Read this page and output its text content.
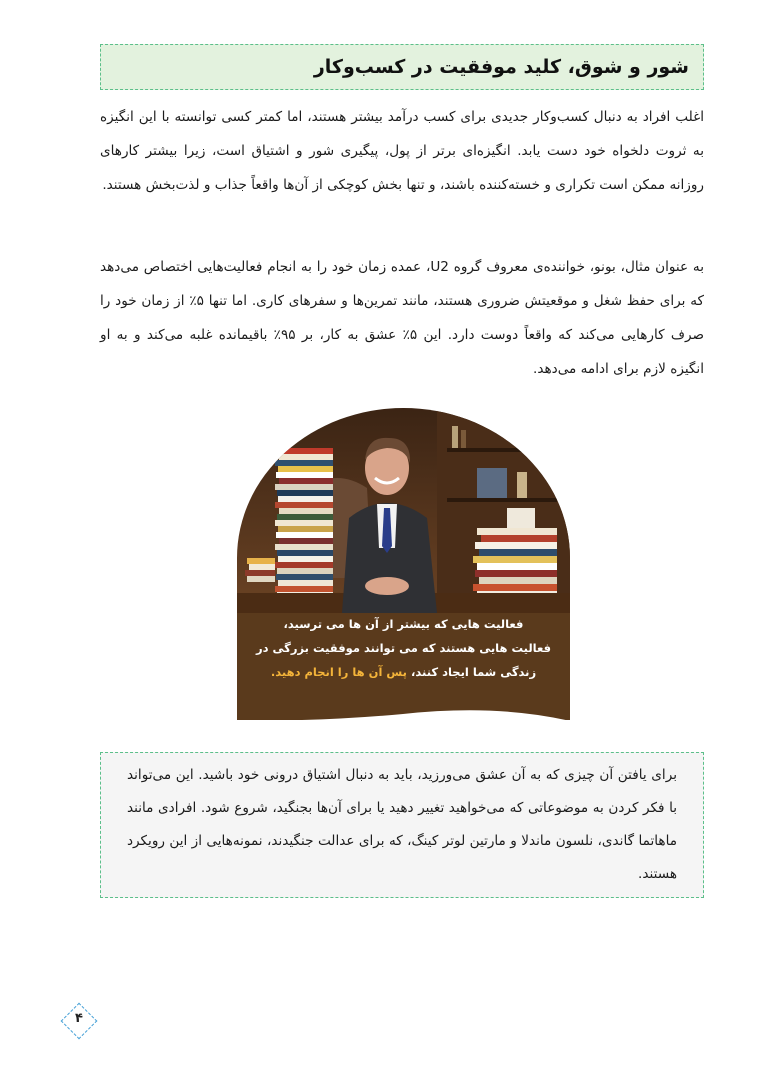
شور و شوق، کلید موفقیت در کسب‌وکار

اغلب افراد به دنبال کسب‌وکار جدیدی برای کسب درآمد بیشتر هستند، اما کمتر کسی توانسته با این انگیزه به ثروت دلخواه خود دست یابد. انگیزه‌ای برتر از پول، پیگیری شور و اشتیاق است، زیرا بیشتر کارهای روزانه ممکن است تکراری و خسته‌کننده باشند، و تنها بخش کوچکی از آن‌ها واقعاً جذاب و لذت‌بخش هستند.

به عنوان مثال، بونو، خواننده‌ی معروف گروه U2، عمده زمان خود را به انجام فعالیت‌هایی اختصاص می‌دهد که برای حفظ شغل و موقعیتش ضروری هستند، مانند تمرین‌ها و سفرهای کاری. اما تنها ۵٪ از زمان خود را صرف کارهایی می‌کند که واقعاً دوست دارد. این ۵٪ عشق به کار، بر ۹۵٪ باقیمانده غلبه می‌کند و به او انگیزه لازم برای ادامه می‌دهد.

فعالیت هایی که بیشتر از آن ها می ترسید،
فعالیت هایی هستند که می توانند موفقیت بزرگی در
زندگی شما ایجاد کنند، پس آن ها را انجام دهید.

برای یافتن آن چیزی که به آن عشق می‌ورزید، باید به دنبال اشتیاق درونی خود باشید. این می‌تواند با فکر کردن به موضوعاتی که می‌خواهید تغییر دهید یا برای آن‌ها بجنگید، شروع شود. افرادی مانند ماهاتما گاندی، نلسون ماندلا و مارتین لوتر کینگ، که برای عدالت جنگیدند، نمونه‌هایی از این رویکرد هستند.

۴
